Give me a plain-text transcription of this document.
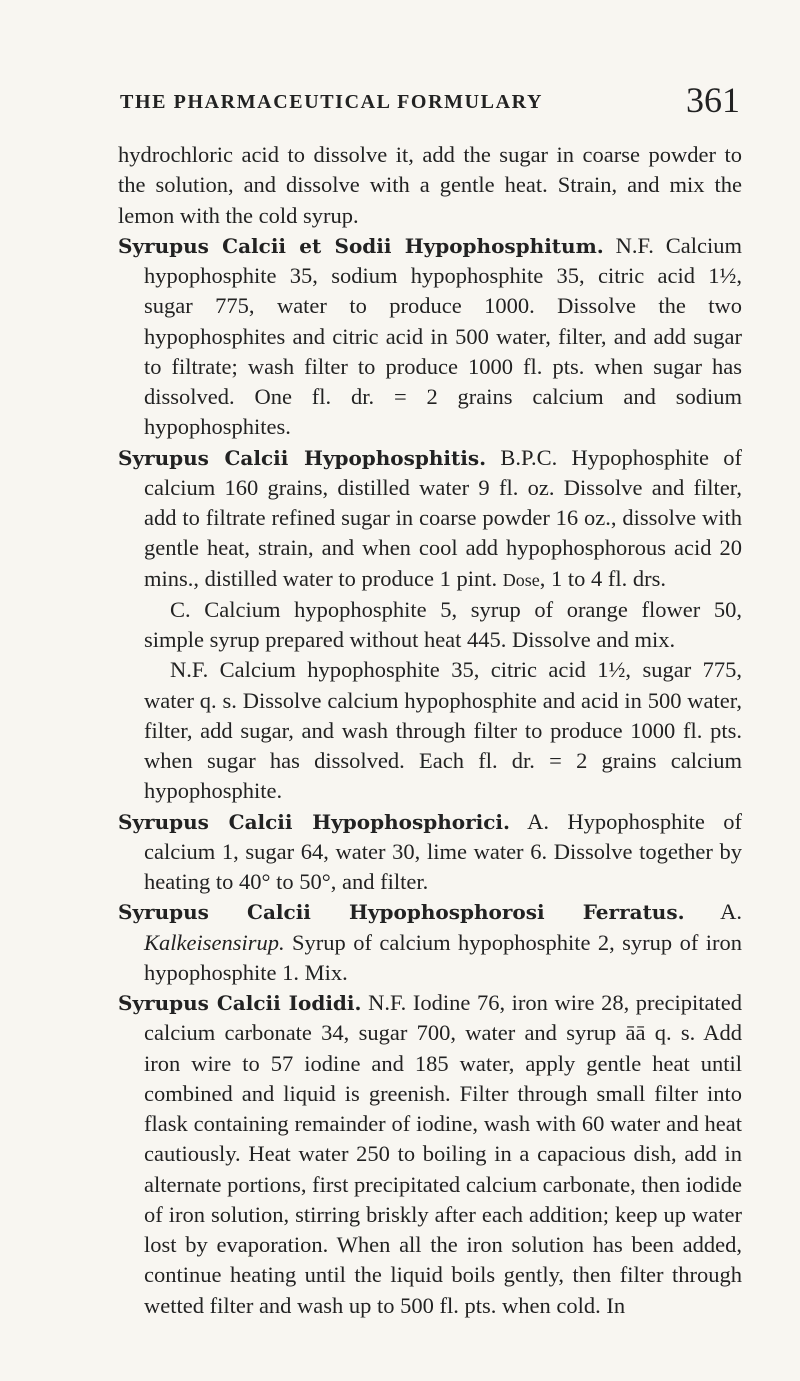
THE PHARMACEUTICAL FORMULARY	361

hydrochloric acid to dissolve it, add the sugar in coarse powder to the solution, and dissolve with a gentle heat. Strain, and mix the lemon with the cold syrup.

Syrupus Calcii et Sodii Hypophosphitum. N.F. Calcium hypophosphite 35, sodium hypophosphite 35, citric acid 1½, sugar 775, water to produce 1000. Dissolve the two hypophosphites and citric acid in 500 water, filter, and add sugar to filtrate; wash filter to produce 1000 fl. pts. when sugar has dissolved. One fl. dr. = 2 grains calcium and sodium hypophosphites.

Syrupus Calcii Hypophosphitis. B.P.C. Hypophosphite of calcium 160 grains, distilled water 9 fl. oz. Dissolve and filter, add to filtrate refined sugar in coarse powder 16 oz., dissolve with gentle heat, strain, and when cool add hypophosphorous acid 20 mins., distilled water to produce 1 pint. Dose, 1 to 4 fl. drs.

C. Calcium hypophosphite 5, syrup of orange flower 50, simple syrup prepared without heat 445. Dissolve and mix.

N.F. Calcium hypophosphite 35, citric acid 1½, sugar 775, water q. s. Dissolve calcium hypophosphite and acid in 500 water, filter, add sugar, and wash through filter to produce 1000 fl. pts. when sugar has dissolved. Each fl. dr. = 2 grains calcium hypophosphite.

Syrupus Calcii Hypophosphorici. A. Hypophosphite of calcium 1, sugar 64, water 30, lime water 6. Dissolve together by heating to 40° to 50°, and filter.

Syrupus Calcii Hypophosphorosi Ferratus. A. Kalkeisensirup. Syrup of calcium hypophosphite 2, syrup of iron hypophosphite 1. Mix.

Syrupus Calcii Iodidi. N.F. Iodine 76, iron wire 28, precipitated calcium carbonate 34, sugar 700, water and syrup āā q. s. Add iron wire to 57 iodine and 185 water, apply gentle heat until combined and liquid is greenish. Filter through small filter into flask containing remainder of iodine, wash with 60 water and heat cautiously. Heat water 250 to boiling in a capacious dish, add in alternate portions, first precipitated calcium carbonate, then iodide of iron solution, stirring briskly after each addition; keep up water lost by evaporation. When all the iron solution has been added, continue heating until the liquid boils gently, then filter through wetted filter and wash up to 500 fl. pts. when cold. In
